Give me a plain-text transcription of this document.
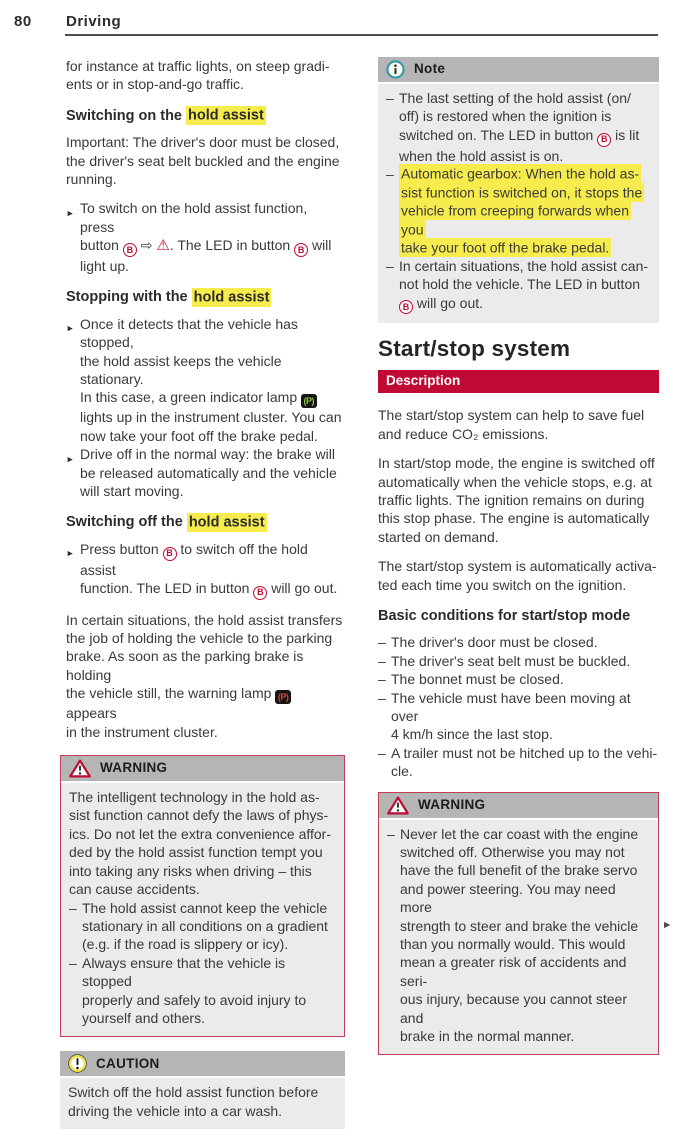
80 Driving
for instance at traffic lights, on steep gradi-
ents or in stop-and-go traffic.
Switching on the hold assist
Important: The driver's door must be closed,
the driver's seat belt buckled and the engine
running.
► To switch on the hold assist function, press
button B ⇨ ⚠. The LED in button B will
light up.
Stopping with the hold assist
► Once it detects that the vehicle has stopped,
the hold assist keeps the vehicle stationary.
In this case, a green indicator lamp (P)
lights up in the instrument cluster. You can
now take your foot off the brake pedal.
► Drive off in the normal way: the brake will
be released automatically and the vehicle
will start moving.
Switching off the hold assist
► Press button B to switch off the hold assist
function. The LED in button B will go out.
In certain situations, the hold assist transfers
the job of holding the vehicle to the parking
brake. As soon as the parking brake is holding
the vehicle still, the warning lamp (P) appears
in the instrument cluster.
WARNING
The intelligent technology in the hold as-
sist function cannot defy the laws of phys-
ics. Do not let the extra convenience affor-
ded by the hold assist function tempt you
into taking any risks when driving – this
can cause accidents.
– The hold assist cannot keep the vehicle
stationary in all conditions on a gradient
(e.g. if the road is slippery or icy).
– Always ensure that the vehicle is stopped
properly and safely to avoid injury to
yourself and others.
CAUTION
Switch off the hold assist function before
driving the vehicle into a car wash.
Note
– The last setting of the hold assist (on/
off) is restored when the ignition is
switched on. The LED in button B is lit
when the hold assist is on.
– Automatic gearbox: When the hold as-
sist function is switched on, it stops the
vehicle from creeping forwards when you
take your foot off the brake pedal.
– In certain situations, the hold assist can-
not hold the vehicle. The LED in button
B will go out.
Start/stop system
Description
The start/stop system can help to save fuel
and reduce CO₂ emissions.
In start/stop mode, the engine is switched off
automatically when the vehicle stops, e.g. at
traffic lights. The ignition remains on during
this stop phase. The engine is automatically
started on demand.
The start/stop system is automatically activa-
ted each time you switch on the ignition.
Basic conditions for start/stop mode
– The driver's door must be closed.
– The driver's seat belt must be buckled.
– The bonnet must be closed.
– The vehicle must have been moving at over
4 km/h since the last stop.
– A trailer must not be hitched up to the vehi-
cle.
WARNING
– Never let the car coast with the engine
switched off. Otherwise you may not
have the full benefit of the brake servo
and power steering. You may need more
strength to steer and brake the vehicle
than you normally would. This would
mean a greater risk of accidents and seri-
ous injury, because you cannot steer and
brake in the normal manner.
►
